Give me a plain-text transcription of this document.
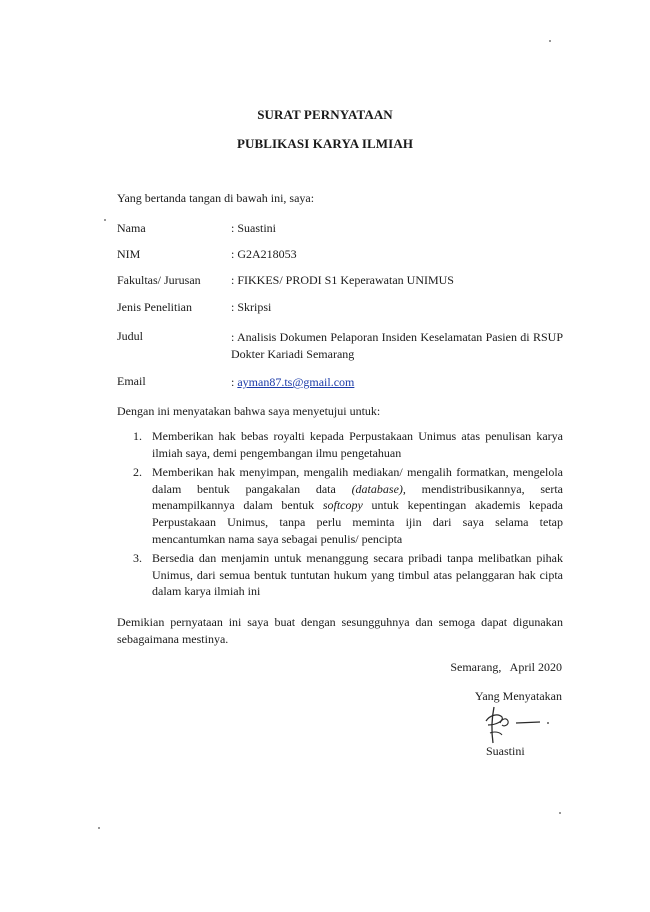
SURAT PERNYATAAN
PUBLIKASI KARYA ILMIAH
Yang bertanda tangan di bawah ini, saya:
Nama	: Suastini
NIM	: G2A218053
Fakultas/ Jurusan	: FIKKES/ PRODI S1 Keperawatan UNIMUS
Jenis Penelitian	: Skripsi
Judul	: Analisis Dokumen Pelaporan Insiden Keselamatan Pasien di RSUP Dokter Kariadi Semarang
Email	: ayman87.ts@gmail.com
Dengan ini menyatakan bahwa saya menyetujui untuk:
1. Memberikan hak bebas royalti kepada Perpustakaan Unimus atas penulisan karya ilmiah saya, demi pengembangan ilmu pengetahuan
2. Memberikan hak menyimpan, mengalih mediakan/ mengalih formatkan, mengelola dalam bentuk pangakalan data (database), mendistribusikannya, serta menampilkannya dalam bentuk softcopy untuk kepentingan akademis kepada Perpustakaan Unimus, tanpa perlu meminta ijin dari saya selama tetap mencantumkan nama saya sebagai penulis/ pencipta
3. Bersedia dan menjamin untuk menanggung secara pribadi tanpa melibatkan pihak Unimus, dari semua bentuk tuntutan hukum yang timbul atas pelanggaran hak cipta dalam karya ilmiah ini
Demikian pernyataan ini saya buat dengan sesungguhnya dan semoga dapat digunakan sebagaimana mestinya.
Semarang,   April 2020
Yang Menyatakan
Suastini
